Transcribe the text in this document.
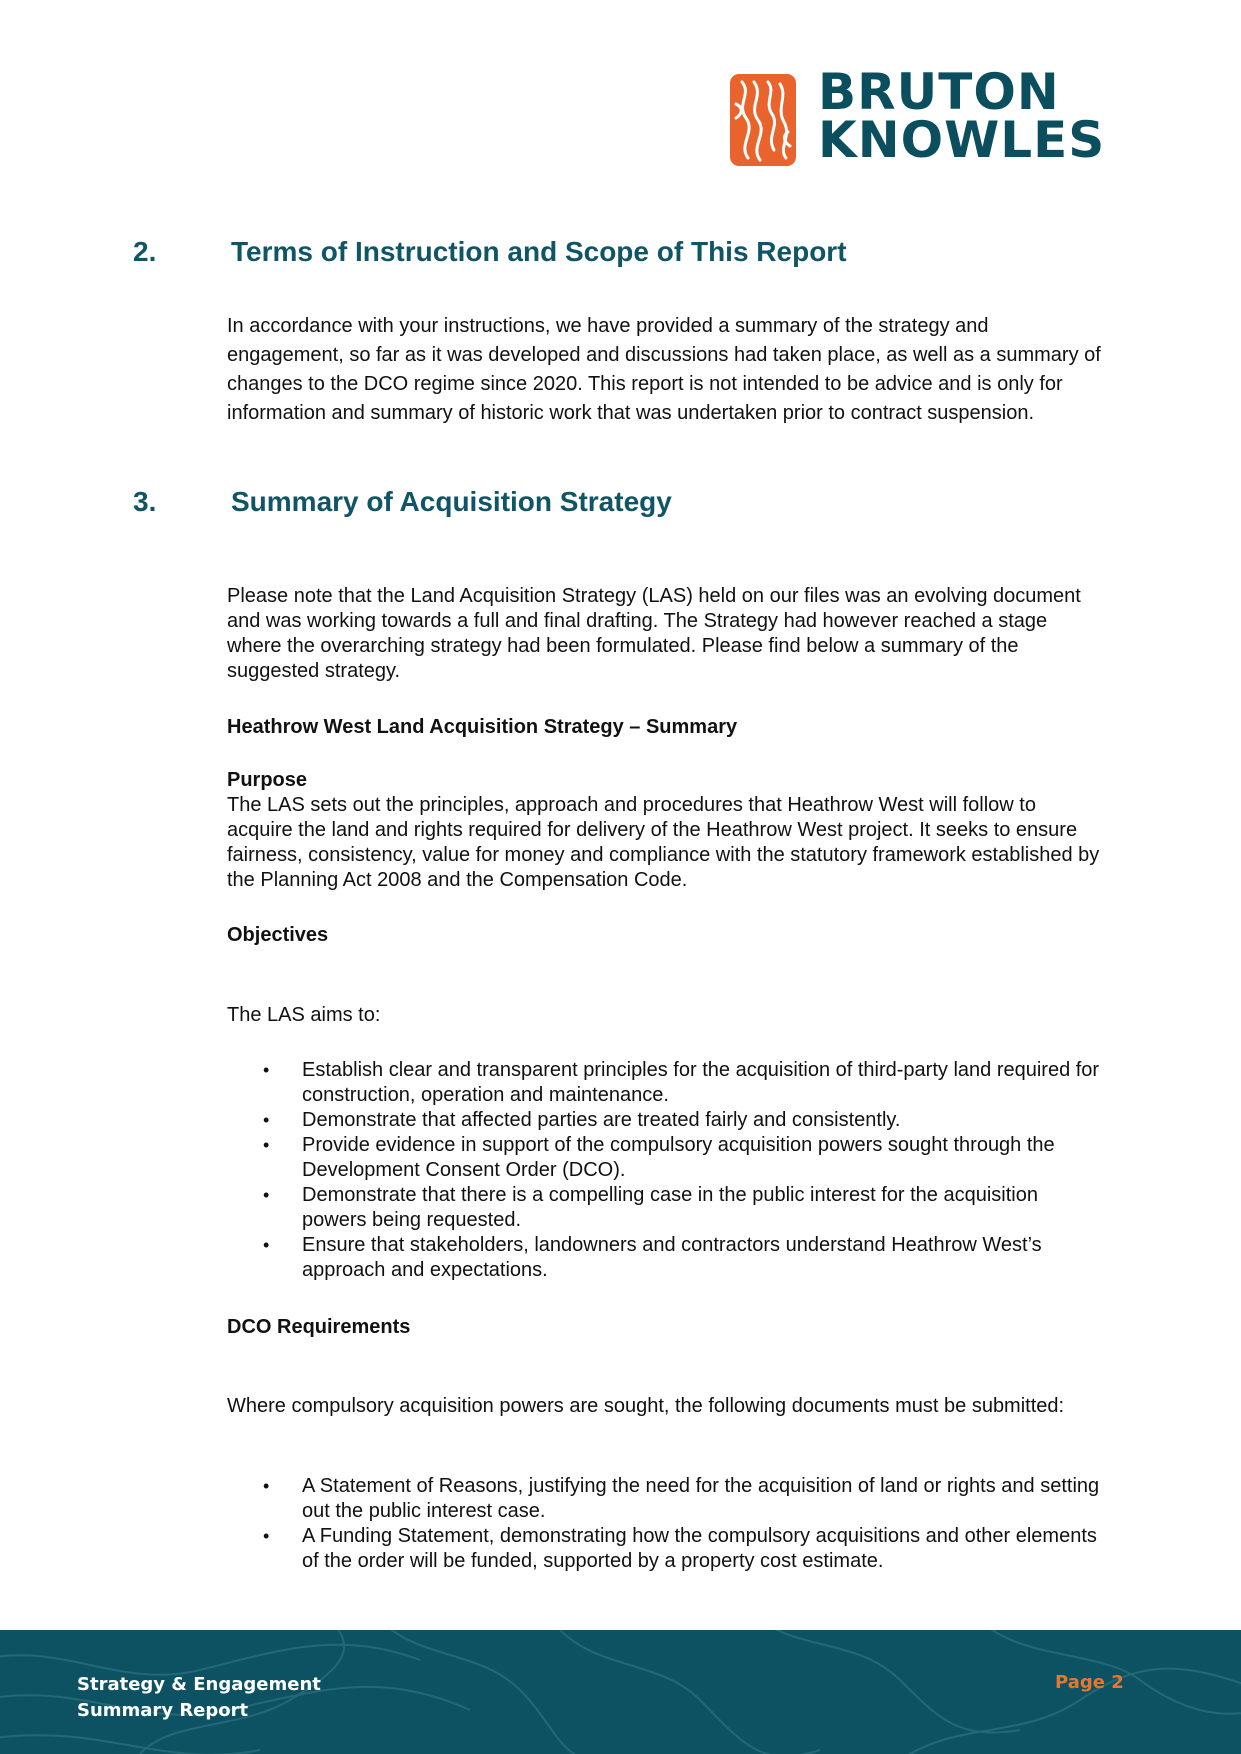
BRUTON
KNOWLES
2.	Terms of Instruction and Scope of This Report
In accordance with your instructions, we have provided a summary of the strategy and engagement, so far as it was developed and discussions had taken place, as well as a summary of changes to the DCO regime since 2020. This report is not intended to be advice and is only for information and summary of historic work that was undertaken prior to contract suspension.
3.	Summary of Acquisition Strategy
Please note that the Land Acquisition Strategy (LAS) held on our files was an evolving document and was working towards a full and final drafting. The Strategy had however reached a stage where the overarching strategy had been formulated. Please find below a summary of the suggested strategy.
Heathrow West Land Acquisition Strategy – Summary
Purpose
The LAS sets out the principles, approach and procedures that Heathrow West will follow to acquire the land and rights required for delivery of the Heathrow West project. It seeks to ensure fairness, consistency, value for money and compliance with the statutory framework established by the Planning Act 2008 and the Compensation Code.
Objectives
The LAS aims to:
• Establish clear and transparent principles for the acquisition of third-party land required for construction, operation and maintenance.
• Demonstrate that affected parties are treated fairly and consistently.
• Provide evidence in support of the compulsory acquisition powers sought through the Development Consent Order (DCO).
• Demonstrate that there is a compelling case in the public interest for the acquisition powers being requested.
• Ensure that stakeholders, landowners and contractors understand Heathrow West’s approach and expectations.
DCO Requirements
Where compulsory acquisition powers are sought, the following documents must be submitted:
• A Statement of Reasons, justifying the need for the acquisition of land or rights and setting out the public interest case.
• A Funding Statement, demonstrating how the compulsory acquisitions and other elements of the order will be funded, supported by a property cost estimate.
Strategy & Engagement
Summary Report
Page 2
